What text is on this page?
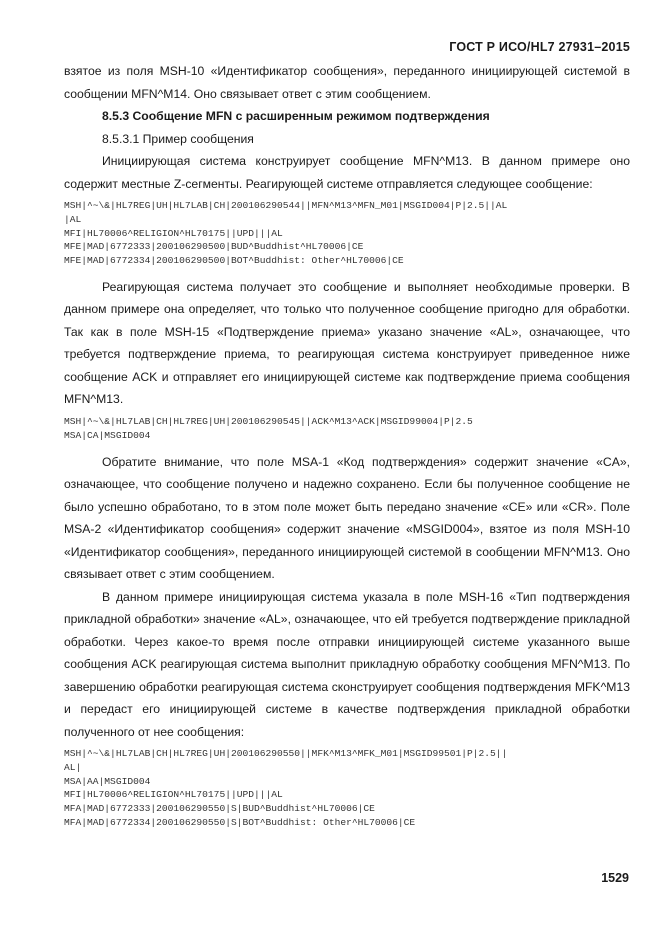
ГОСТ Р ИСО/HL7 27931–2015

взятое из поля MSH-10 «Идентификатор сообщения», переданного инициирующей системой в сообщении MFN^M14. Оно связывает ответ с этим сообщением.

8.5.3 Сообщение MFN с расширенным режимом подтверждения
8.5.3.1 Пример сообщения

Инициирующая система конструирует сообщение MFN^M13. В данном примере оно содержит местные Z-сегменты. Реагирующей системе отправляется следующее сообщение:

MSH|^~\&|HL7REG|UH|HL7LAB|CH|200106290544||MFN^M13^MFN_M01|MSGID004|P|2.5||AL
|AL
MFI|HL70006^RELIGION^HL70175||UPD|||AL
MFE|MAD|6772333|200106290500|BUD^Buddhist^HL70006|CE
MFE|MAD|6772334|200106290500|BOT^Buddhist: Other^HL70006|CE

Реагирующая система получает это сообщение и выполняет необходимые проверки. В данном примере она определяет, что только что полученное сообщение пригодно для обработки. Так как в поле MSH-15 «Подтверждение приема» указано значение «AL», означающее, что требуется подтверждение приема, то реагирующая система конструирует приведенное ниже сообщение ACK и отправляет его инициирующей системе как подтверждение приема сообщения MFN^M13.

MSH|^~\&|HL7LAB|CH|HL7REG|UH|200106290545||ACK^M13^ACK|MSGID99004|P|2.5
MSA|CA|MSGID004

Обратите внимание, что поле MSA-1 «Код подтверждения» содержит значение «CA», означающее, что сообщение получено и надежно сохранено. Если бы полученное сообщение не было успешно обработано, то в этом поле может быть передано значение «CE» или «CR». Поле MSA-2 «Идентификатор сообщения» содержит значение «MSGID004», взятое из поля MSH-10 «Идентификатор сообщения», переданного инициирующей системой в сообщении MFN^M13. Оно связывает ответ с этим сообщением.

В данном примере инициирующая система указала в поле MSH-16 «Тип подтверждения прикладной обработки» значение «AL», означающее, что ей требуется подтверждение прикладной обработки. Через какое-то время после отправки инициирующей системе указанного выше сообщения ACK реагирующая система выполнит прикладную обработку сообщения MFN^M13. По завершению обработки реагирующая система сконструирует сообщения подтверждения MFK^M13 и передаст его инициирующей системе в качестве подтверждения прикладной обработки полученного от нее сообщения:

MSH|^~\&|HL7LAB|CH|HL7REG|UH|200106290550||MFK^M13^MFK_M01|MSGID99501|P|2.5||
AL|
MSA|AA|MSGID004
MFI|HL70006^RELIGION^HL70175||UPD|||AL
MFA|MAD|6772333|200106290550|S|BUD^Buddhist^HL70006|CE
MFA|MAD|6772334|200106290550|S|BOT^Buddhist: Other^HL70006|CE
1529
